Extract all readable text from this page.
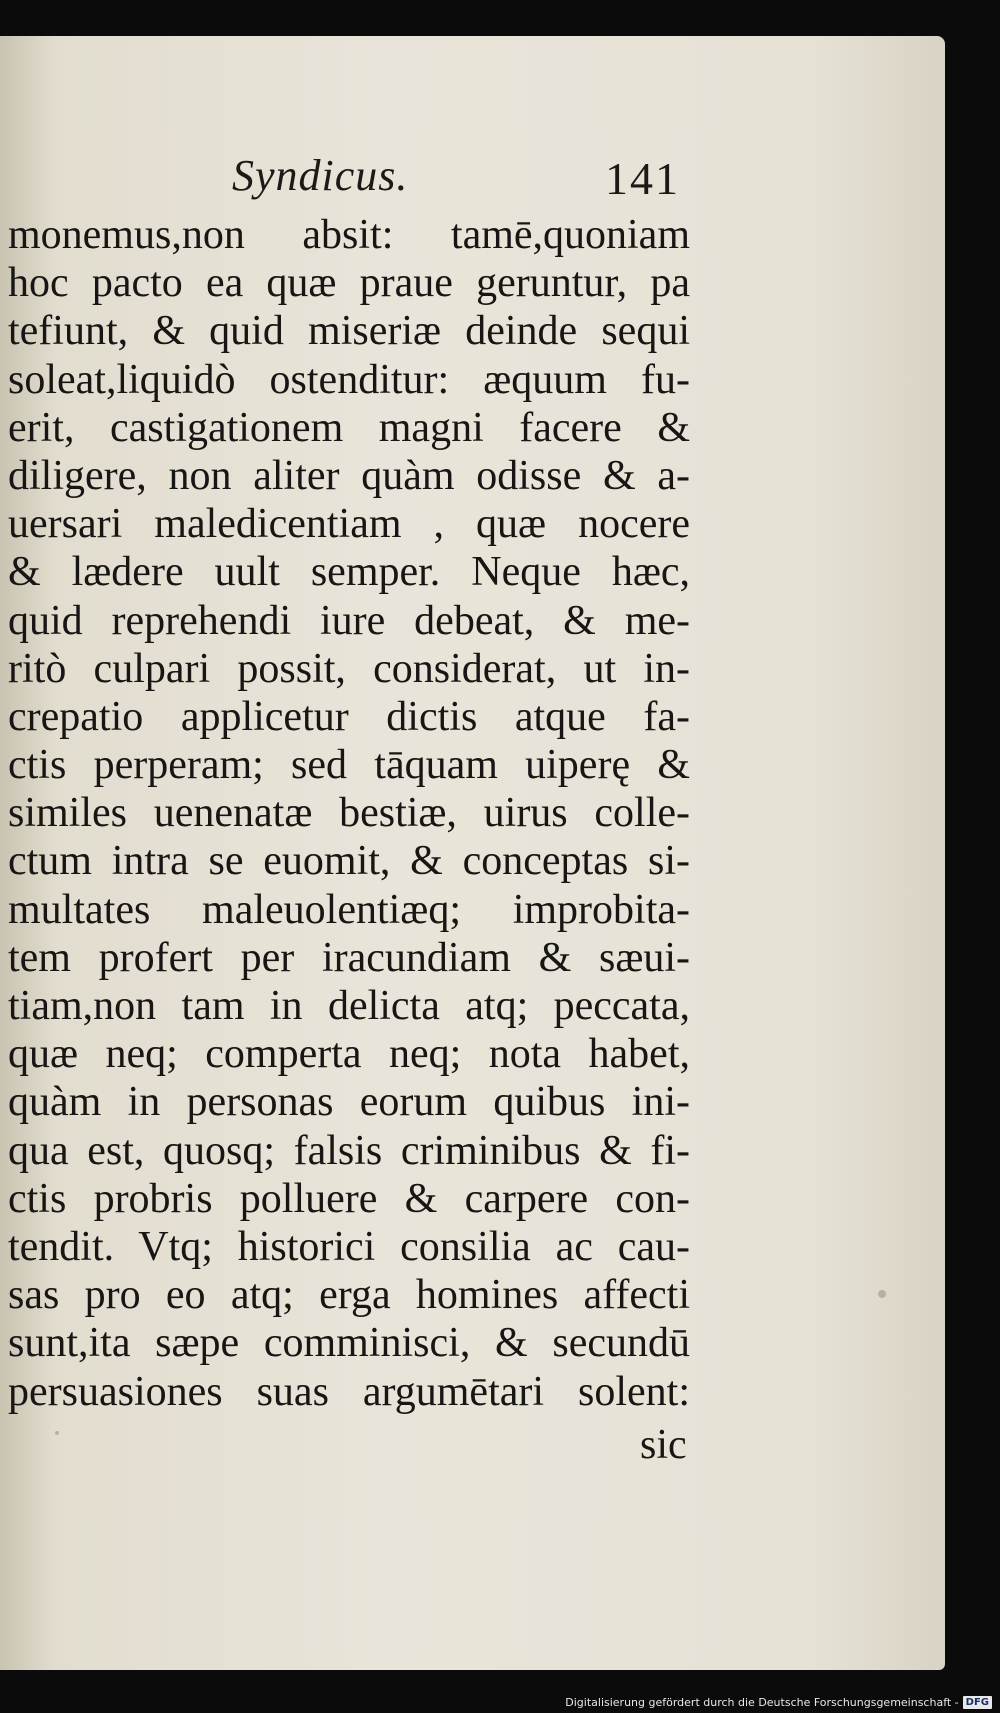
Syndicus.	141
monemus,non absit: tamē,quoniam
hoc pacto ea quæ praue geruntur, pa
tefiunt, & quid miseriæ deinde sequi
soleat,liquidò ostenditur: æquum fu-
erit, castigationem magni facere &
diligere, non aliter quàm odisse & a-
uersari maledicentiam , quæ nocere
& lædere uult semper. Neque hæc,
quid reprehendi iure debeat, & me-
ritò culpari possit, considerat, ut in-
crepatio applicetur dictis atque fa-
ctis perperam; sed tāquam uiperę &
similes uenenatæ bestiæ, uirus colle-
ctum intra se euomit, & conceptas si-
multates maleuolentiæq; improbita-
tem profert per iracundiam & sæui-
tiam,non tam in delicta atq; peccata,
quæ neq; comperta neq; nota habet,
quàm in personas eorum quibus ini-
qua est, quosq; falsis criminibus & fi-
ctis probris polluere & carpere con-
tendit. Vtq; historici consilia ac cau-
sas pro eo atq; erga homines affecti
sunt,ita sæpe comminisci, & secundū
persuasiones suas argumētari solent:
sic
Digitalisierung gefördert durch die Deutsche Forschungsgemeinschaft - DFG
